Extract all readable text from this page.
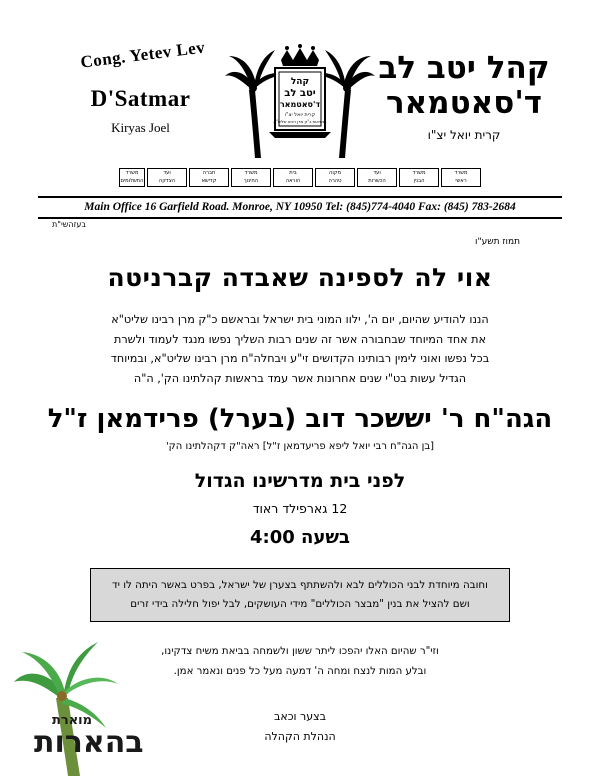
Cong. Yetev Lev
D'Satmar
Kiryas Joel
קהל
יטב לב
ד'סאטמאר
קרית יואל יצ"ו
בנשיאות כ"ק מרן רבינו שליט"א
קהל יטב לב
ד'סאטמאר
קרית יואל יצ"ו
משרד
ראשי
משרד
הבנין
ועד
הכשרות
מקוה
טהרה
בית
הוראה
משרד
החינוך
חברה
קדישא
ועד
הצדקה
משרד
התשלומים
Main Office 16 Garfield Road. Monroe, NY 10950 Tel: (845)774-4040 Fax: (845) 783-2684
בעזהשי"ת
תמוז תשע"ו
אוי לה לספינה שאבדה קברניטה
הננו להודיע שהיום, יום ה', ילוו המוני בית ישראל ובראשם כ"ק מרן רבינו שליט"א
את אחד המיוחד שבחבורה אשר זה שנים רבות השליך נפשו מנגד לעמוד ולשרת
בכל נפשו ואוני לימין רבותינו הקדושים זי"ע ויבחלה"ח מרן רבינו שליט"א, ובמיוחד
הגדיל עשות בט"י שנים אחרונות אשר עמד בראשות קהלתינו הק', ה"ה
הגה"ח ר' יששכר דוב (בערל) פרידמאן ז"ל
[בן הגה"ח רבי יואל ליפא פריעדמאן ז"ל] ראה"ק דקהלתינו הק'
לפני בית מדרשינו הגדול
12 גארפילד ראוד
בשעה 4:00
וחובה מיוחדת לבני הכוללים לבא ולהשתתף בצערן של ישראל, בפרט באשר היתה לו יד
ושם להציל את בנין "מבצר הכוללים" מידי העושקים, לבל יפול חלילה בידי זרים
וזי"ר שהיום האלו יהפכו ליתר ששון ולשמחה בביאת משיח צדקינו,
ובלע המות לנצח ומחה ה' דמעה מעל כל פנים ונאמר אמן.
בצער וכאב
הנהלת הקהלה
מוארת
בהארות
